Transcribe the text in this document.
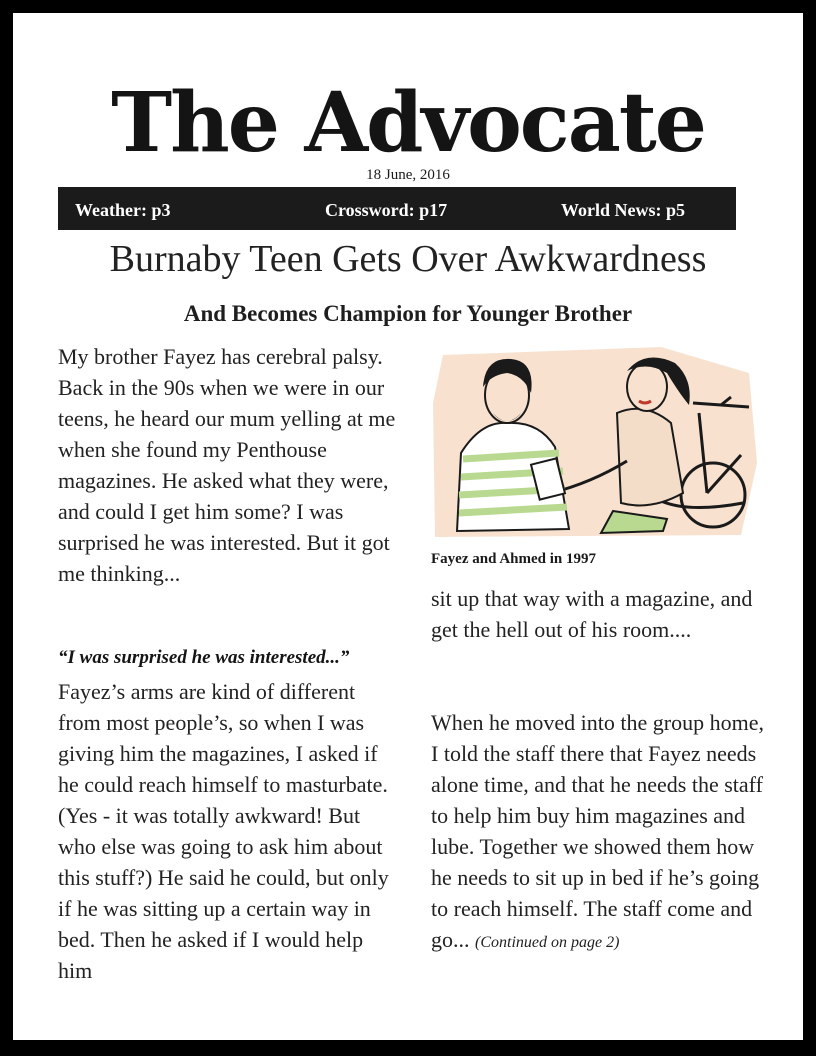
The Advocate
18 June, 2016
Weather: p3	Crossword: p17	World News: p5
Burnaby Teen Gets Over Awkwardness
And Becomes Champion for Younger Brother

My brother Fayez has cerebral palsy. Back in the 90s when we were in our teens, he heard our mum yelling at me when she found my Penthouse magazines. He asked what they were, and could I get him some? I was surprised he was interested. But it got me thinking...

“I was surprised he was interested...”

Fayez’s arms are kind of different from most people’s, so when I was giving him the magazines, I asked if he could reach himself to masturbate. (Yes - it was totally awkward! But who else was going to ask him about this stuff?) He said he could, but only if he was sitting up a certain way in bed. Then he asked if I would help him

Fayez and Ahmed in 1997

sit up that way with a magazine, and get the hell out of his room....

When he moved into the group home, I told the staff there that Fayez needs alone time, and that he needs the staff to help him buy him magazines and lube. Together we showed them how he needs to sit up in bed if he’s going to reach himself. The staff come and go... (Continued on page 2)
